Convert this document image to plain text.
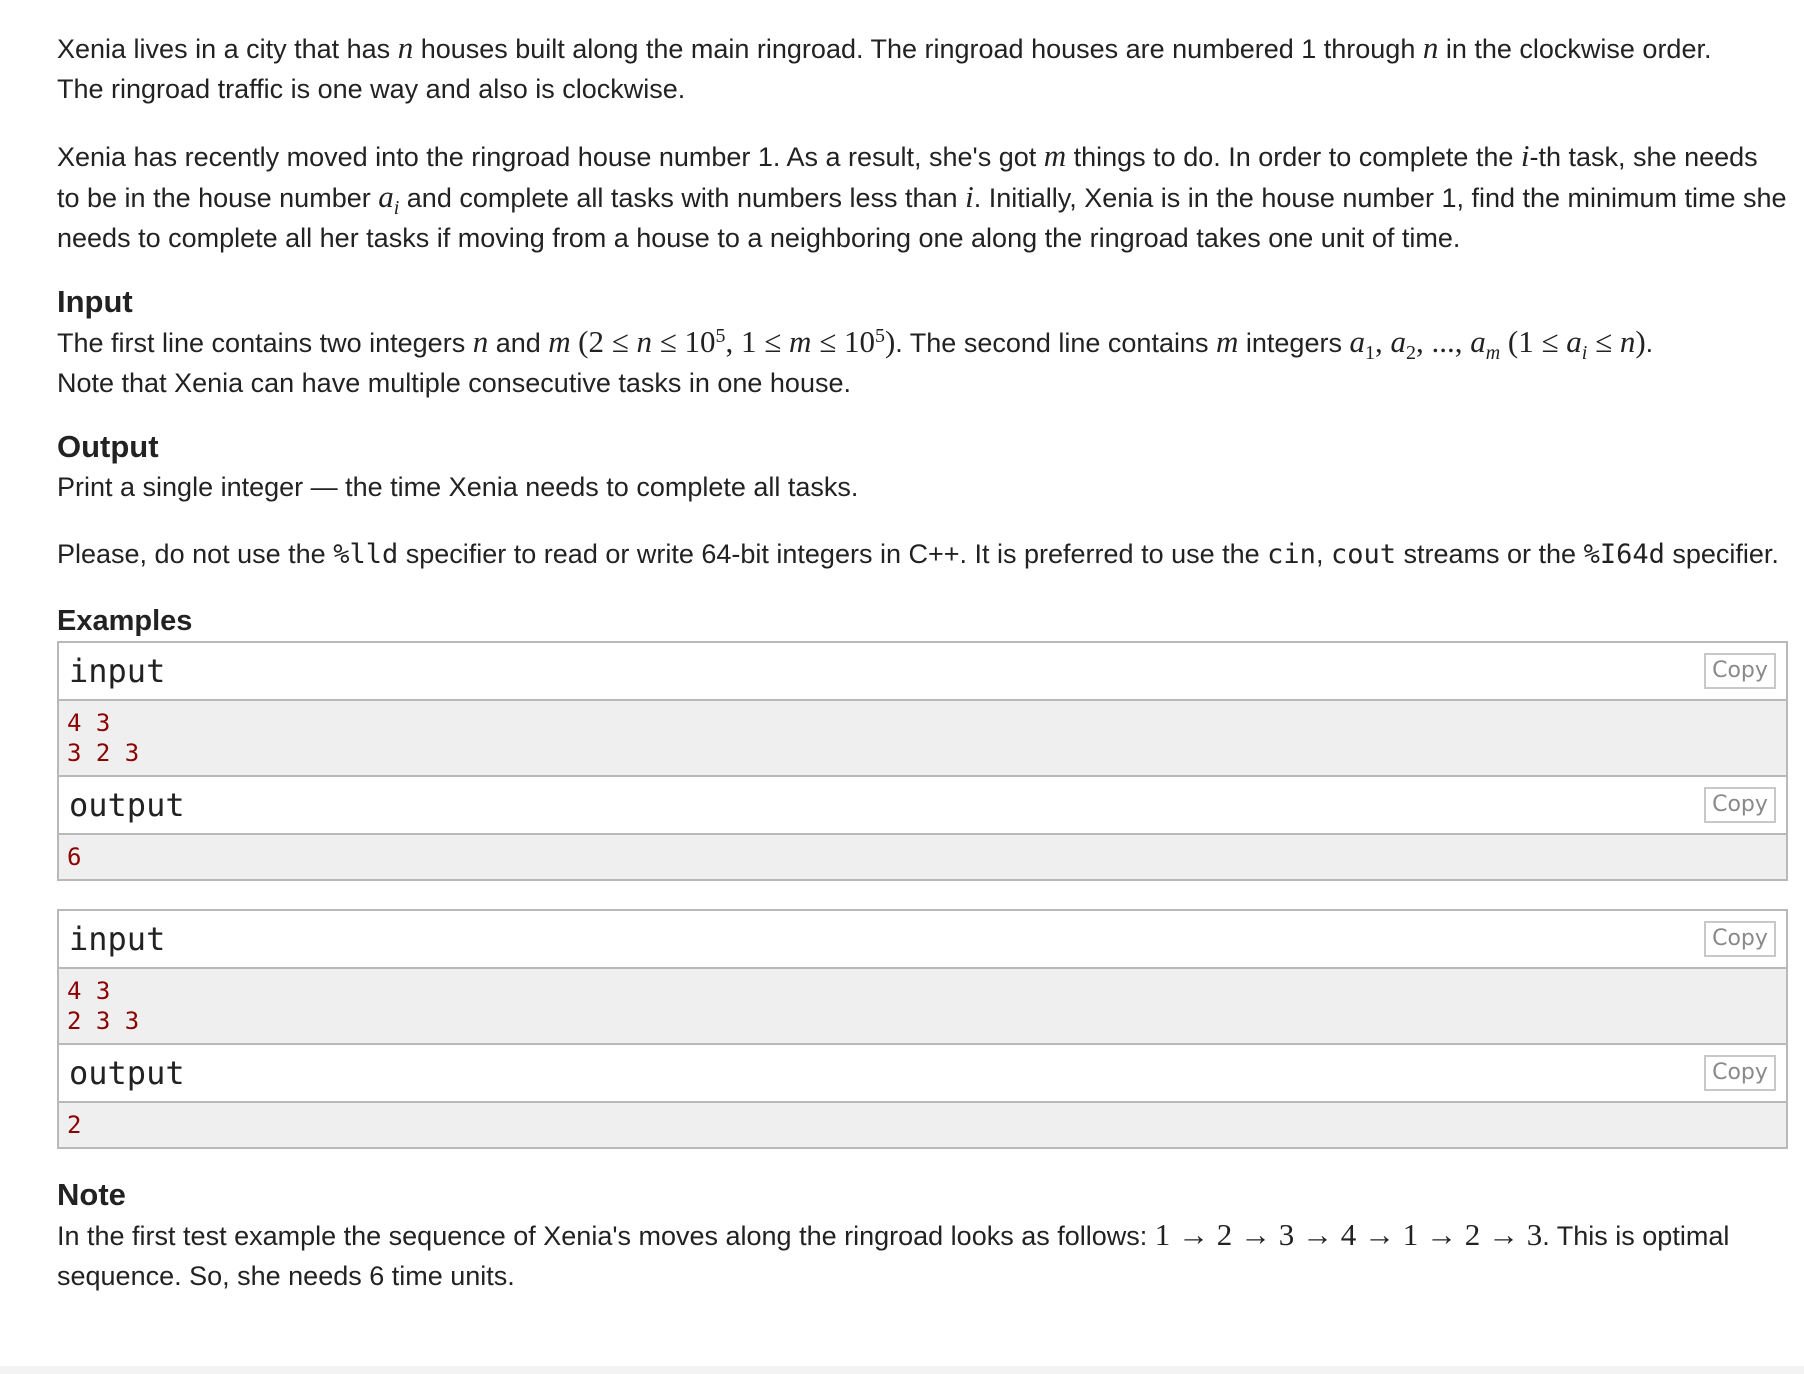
Xenia lives in a city that has n houses built along the main ringroad. The ringroad houses are numbered 1 through n in the clockwise order.
The ringroad traffic is one way and also is clockwise.

Xenia has recently moved into the ringroad house number 1. As a result, she's got m things to do. In order to complete the i-th task, she needs to be in the house number $a_i$ and complete all tasks with numbers less than i. Initially, Xenia is in the house number 1, find the minimum time she needs to complete all her tasks if moving from a house to a neighboring one along the ringroad takes one unit of time.

Input

The first line contains two integers n and m ($2 \le n \le 10^5$, $1 \le m \le 10^5$). The second line contains m integers $a_1$, $a_2$, ..., $a_m$ $(1 \le a_i \le n)$.
Note that Xenia can have multiple consecutive tasks in one house.

Output

Print a single integer — the time Xenia needs to complete all tasks.

Please, do not use the %lld specifier to read or write 64-bit integers in C++. It is preferred to use the cin, cout streams or the %I64d specifier.

Examples
input	Copy
4 3
3 2 3
output	Copy
6
input	Copy
4 3
2 3 3
output	Copy
2
Note

In the first test example the sequence of Xenia's moves along the ringroad looks as follows: 1 → 2 → 3 → 4 → 1 → 2 → 3. This is optimal sequence. So, she needs 6 time units.
